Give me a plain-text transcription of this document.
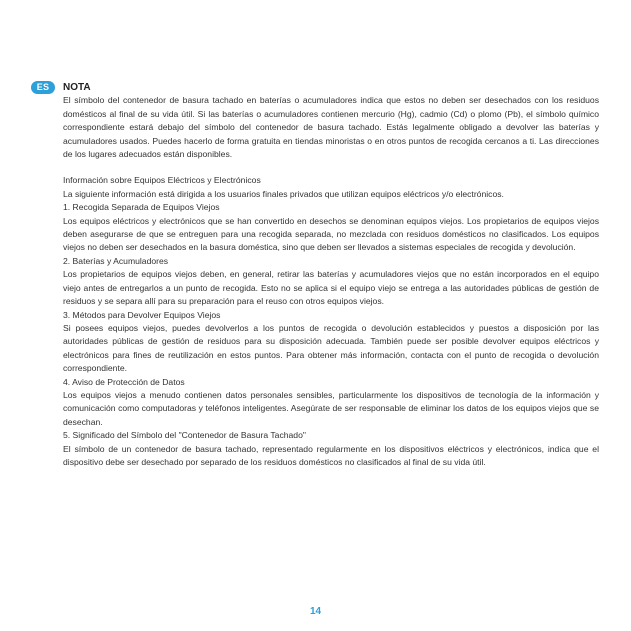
ES	NOTA

El símbolo del contenedor de basura tachado en baterías o acumuladores indica que estos no deben ser desechados con los residuos domésticos al final de su vida útil. Si las baterías o acumuladores contienen mercurio (Hg), cadmio (Cd) o plomo (Pb), el símbolo químico correspondiente estará debajo del símbolo del contenedor de basura tachado. Estás legalmente obligado a devolver las baterías y acumuladores usados. Puedes hacerlo de forma gratuita en tiendas minoristas o en otros puntos de recogida cercanos a ti. Las direcciones de los lugares adecuados están disponibles.

Información sobre Equipos Eléctricos y Electrónicos

La siguiente información está dirigida a los usuarios finales privados que utilizan equipos eléctricos y/o electrónicos.

1. Recogida Separada de Equipos Viejos

Los equipos eléctricos y electrónicos que se han convertido en desechos se denominan equipos viejos. Los propietarios de equipos viejos deben asegurarse de que se entreguen para una recogida separada, no mezclada con residuos domésticos no clasificados. Los equipos viejos no deben ser desechados en la basura doméstica, sino que deben ser llevados a sistemas especiales de recogida y devolución.

2. Baterías y Acumuladores

Los propietarios de equipos viejos deben, en general, retirar las baterías y acumuladores viejos que no están incorporados en el equipo viejo antes de entregarlos a un punto de recogida. Esto no se aplica si el equipo viejo se entrega a las autoridades públicas de gestión de residuos y se separa allí para su preparación para el reuso con otros equipos viejos.

3. Métodos para Devolver Equipos Viejos

Si posees equipos viejos, puedes devolverlos a los puntos de recogida o devolución establecidos y puestos a disposición por las autoridades públicas de gestión de residuos para su disposición adecuada. También puede ser posible devolver equipos eléctricos y electrónicos para fines de reutilización en estos puntos. Para obtener más información, contacta con el punto de recogida o devolución correspondiente.

4. Aviso de Protección de Datos

Los equipos viejos a menudo contienen datos personales sensibles, particularmente los dispositivos de tecnología de la información y comunicación como computadoras y teléfonos inteligentes. Asegúrate de ser responsable de eliminar los datos de los equipos viejos que se desechan.

5. Significado del Símbolo del "Contenedor de Basura Tachado"

El símbolo de un contenedor de basura tachado, representado regularmente en los dispositivos eléctricos y electrónicos, indica que el dispositivo debe ser desechado por separado de los residuos domésticos no clasificados al final de su vida útil.

14
